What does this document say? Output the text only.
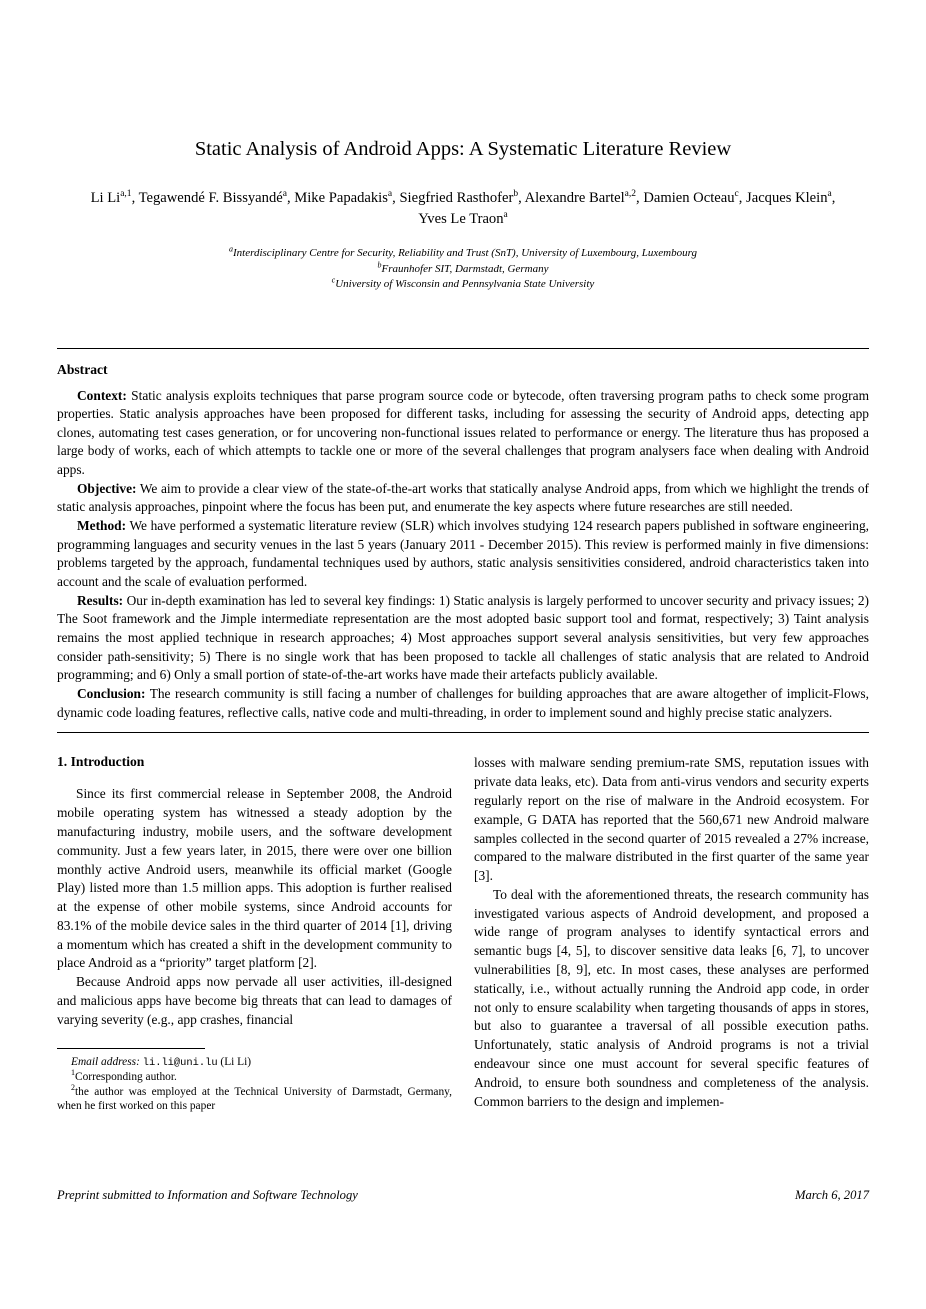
Static Analysis of Android Apps: A Systematic Literature Review
Li Li$^{a,1}$, Tegawendé F. Bissyandé$^a$, Mike Papadakis$^a$, Siegfried Rasthofer$^b$, Alexandre Bartel$^{a,2}$, Damien Octeau$^c$, Jacques Klein$^a$,
Yves Le Traon$^a$
$^a$Interdisciplinary Centre for Security, Reliability and Trust (SnT), University of Luxembourg, Luxembourg
$^b$Fraunhofer SIT, Darmstadt, Germany
$^c$University of Wisconsin and Pennsylvania State University
Abstract

Context: Static analysis exploits techniques that parse program source code or bytecode, often traversing program paths to check some program properties. Static analysis approaches have been proposed for different tasks, including for assessing the security of Android apps, detecting app clones, automating test cases generation, or for uncovering non-functional issues related to performance or energy. The literature thus has proposed a large body of works, each of which attempts to tackle one or more of the several challenges that program analysers face when dealing with Android apps.

Objective: We aim to provide a clear view of the state-of-the-art works that statically analyse Android apps, from which we highlight the trends of static analysis approaches, pinpoint where the focus has been put, and enumerate the key aspects where future researches are still needed.

Method: We have performed a systematic literature review (SLR) which involves studying 124 research papers published in software engineering, programming languages and security venues in the last 5 years (January 2011 - December 2015). This review is performed mainly in five dimensions: problems targeted by the approach, fundamental techniques used by authors, static analysis sensitivities considered, android characteristics taken into account and the scale of evaluation performed.

Results: Our in-depth examination has led to several key findings: 1) Static analysis is largely performed to uncover security and privacy issues; 2) The Soot framework and the Jimple intermediate representation are the most adopted basic support tool and format, respectively; 3) Taint analysis remains the most applied technique in research approaches; 4) Most approaches support several analysis sensitivities, but very few approaches consider path-sensitivity; 5) There is no single work that has been proposed to tackle all challenges of static analysis that are related to Android programming; and 6) Only a small portion of state-of-the-art works have made their artefacts publicly available.

Conclusion: The research community is still facing a number of challenges for building approaches that are aware altogether of implicit-Flows, dynamic code loading features, reflective calls, native code and multi-threading, in order to implement sound and highly precise static analyzers.

1. Introduction

Since its first commercial release in September 2008, the Android mobile operating system has witnessed a steady adoption by the manufacturing industry, mobile users, and the software development community. Just a few years later, in 2015, there were over one billion monthly active Android users, meanwhile its official market (Google Play) listed more than 1.5 million apps. This adoption is further realised at the expense of other mobile systems, since Android accounts for 83.1% of the mobile device sales in the third quarter of 2014 [1], driving a momentum which has created a shift in the development community to place Android as a “priority” target platform [2].

Because Android apps now pervade all user activities, ill-designed and malicious apps have become big threats that can lead to damages of varying severity (e.g., app crashes, financial

Email address: li.li@uni.lu (Li Li)
$^1$Corresponding author.
$^2$the author was employed at the Technical University of Darmstadt, Germany, when he first worked on this paper

losses with malware sending premium-rate SMS, reputation issues with private data leaks, etc). Data from anti-virus vendors and security experts regularly report on the rise of malware in the Android ecosystem. For example, G DATA has reported that the 560,671 new Android malware samples collected in the second quarter of 2015 revealed a 27% increase, compared to the malware distributed in the first quarter of the same year [3].

To deal with the aforementioned threats, the research community has investigated various aspects of Android development, and proposed a wide range of program analyses to identify syntactical errors and semantic bugs [4, 5], to discover sensitive data leaks [6, 7], to uncover vulnerabilities [8, 9], etc. In most cases, these analyses are performed statically, i.e., without actually running the Android app code, in order not only to ensure scalability when targeting thousands of apps in stores, but also to guarantee a traversal of all possible execution paths. Unfortunately, static analysis of Android programs is not a trivial endeavour since one must account for several specific features of Android, to ensure both soundness and completeness of the analysis. Common barriers to the design and implemen-

Preprint submitted to Information and Software Technology	March 6, 2017
